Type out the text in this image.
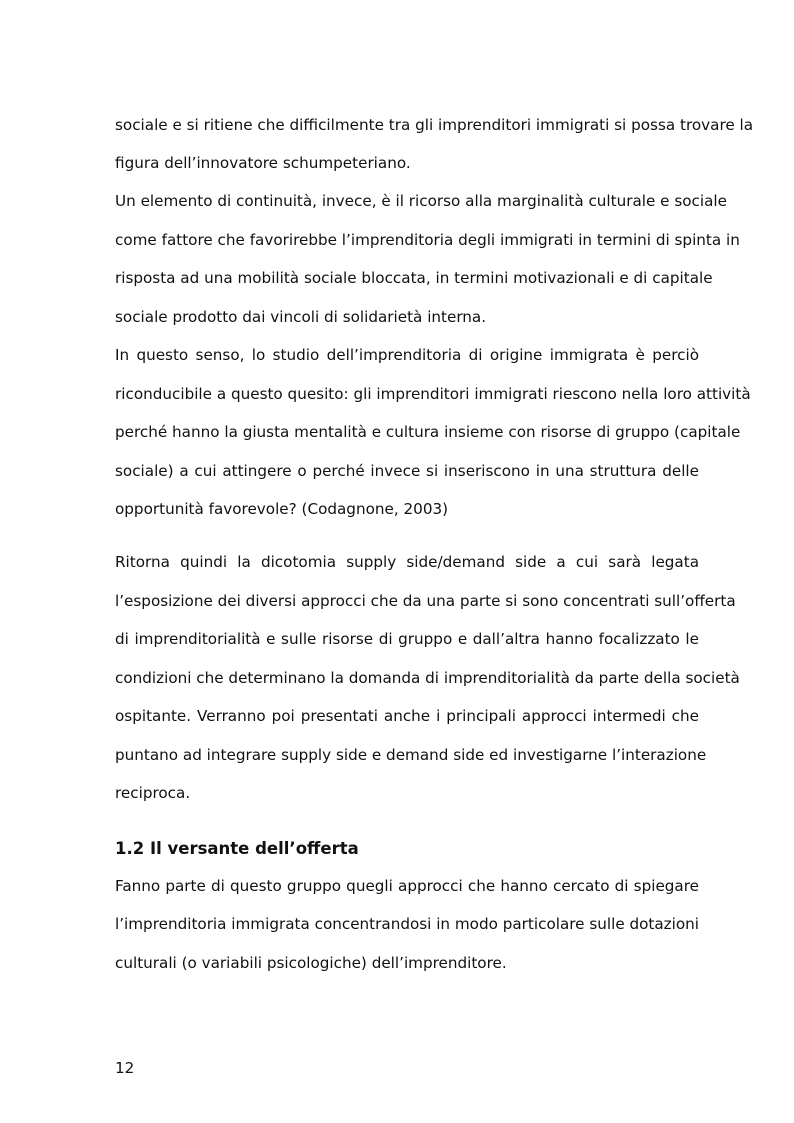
sociale e si ritiene che difficilmente tra gli imprenditori immigrati si possa trovare la
figura dell’innovatore schumpeteriano.
Un elemento di continuità, invece, è il ricorso alla marginalità culturale e sociale
come fattore che favorirebbe l’imprenditoria degli immigrati in termini di spinta in
risposta ad una mobilità sociale bloccata, in termini motivazionali e di capitale
sociale prodotto dai vincoli di solidarietà interna.
In questo senso, lo studio dell’imprenditoria di origine immigrata è perciò
riconducibile a questo quesito: gli imprenditori immigrati riescono nella loro attività
perché hanno la giusta mentalità e cultura insieme con risorse di gruppo (capitale
sociale) a cui attingere o perché invece si inseriscono in una struttura delle
opportunità favorevole? (Codagnone, 2003)
Ritorna quindi la dicotomia supply side/demand side a cui sarà legata
l’esposizione dei diversi approcci che da una parte si sono concentrati sull’offerta
di imprenditorialità e sulle risorse di gruppo e dall’altra hanno focalizzato le
condizioni che determinano la domanda di imprenditorialità da parte della società
ospitante. Verranno poi presentati anche i principali approcci intermedi che
puntano ad integrare supply side e demand side ed investigarne l’interazione
reciproca.
1.2 Il versante dell’offerta
Fanno parte di questo gruppo quegli approcci che hanno cercato di spiegare
l’imprenditoria immigrata concentrandosi in modo particolare sulle dotazioni
culturali (o variabili psicologiche) dell’imprenditore.
12
